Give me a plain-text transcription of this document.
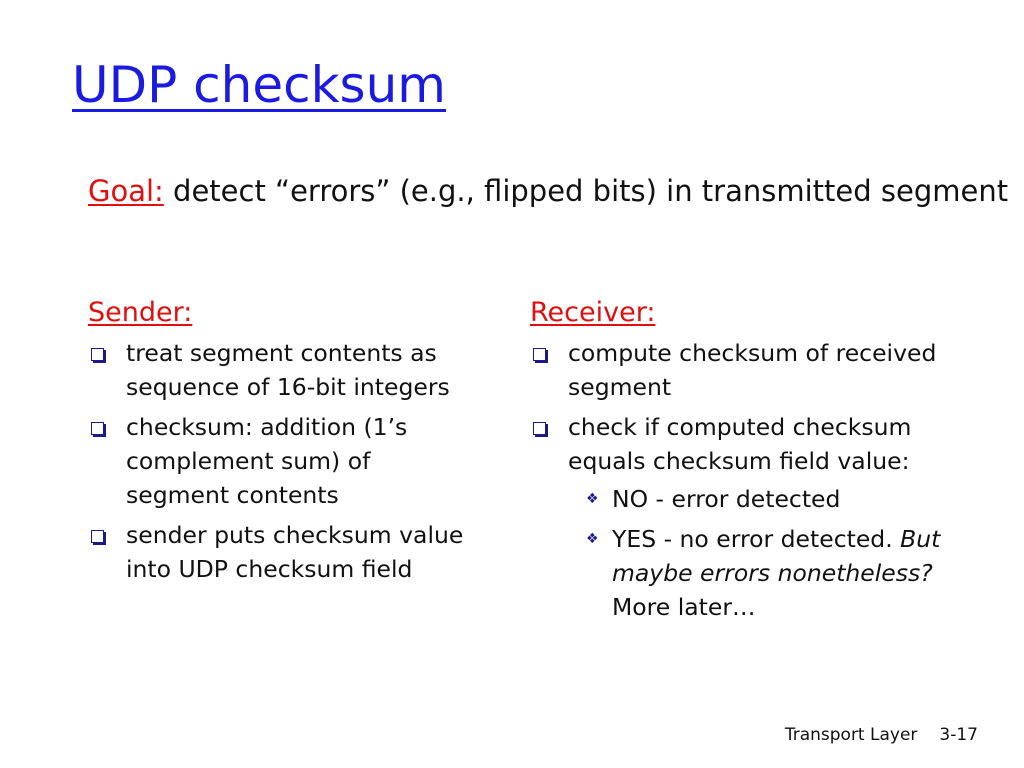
UDP checksum
Goal: detect “errors” (e.g., flipped bits) in transmitted segment
Sender:
treat segment contents as sequence of 16-bit integers
checksum: addition (1’s complement sum) of segment contents
sender puts checksum value into UDP checksum field
Receiver:
compute checksum of received segment
check if computed checksum equals checksum field value:
❖ NO - error detected
❖ YES - no error detected. But maybe errors nonetheless? More later…
Transport Layer 3-17
